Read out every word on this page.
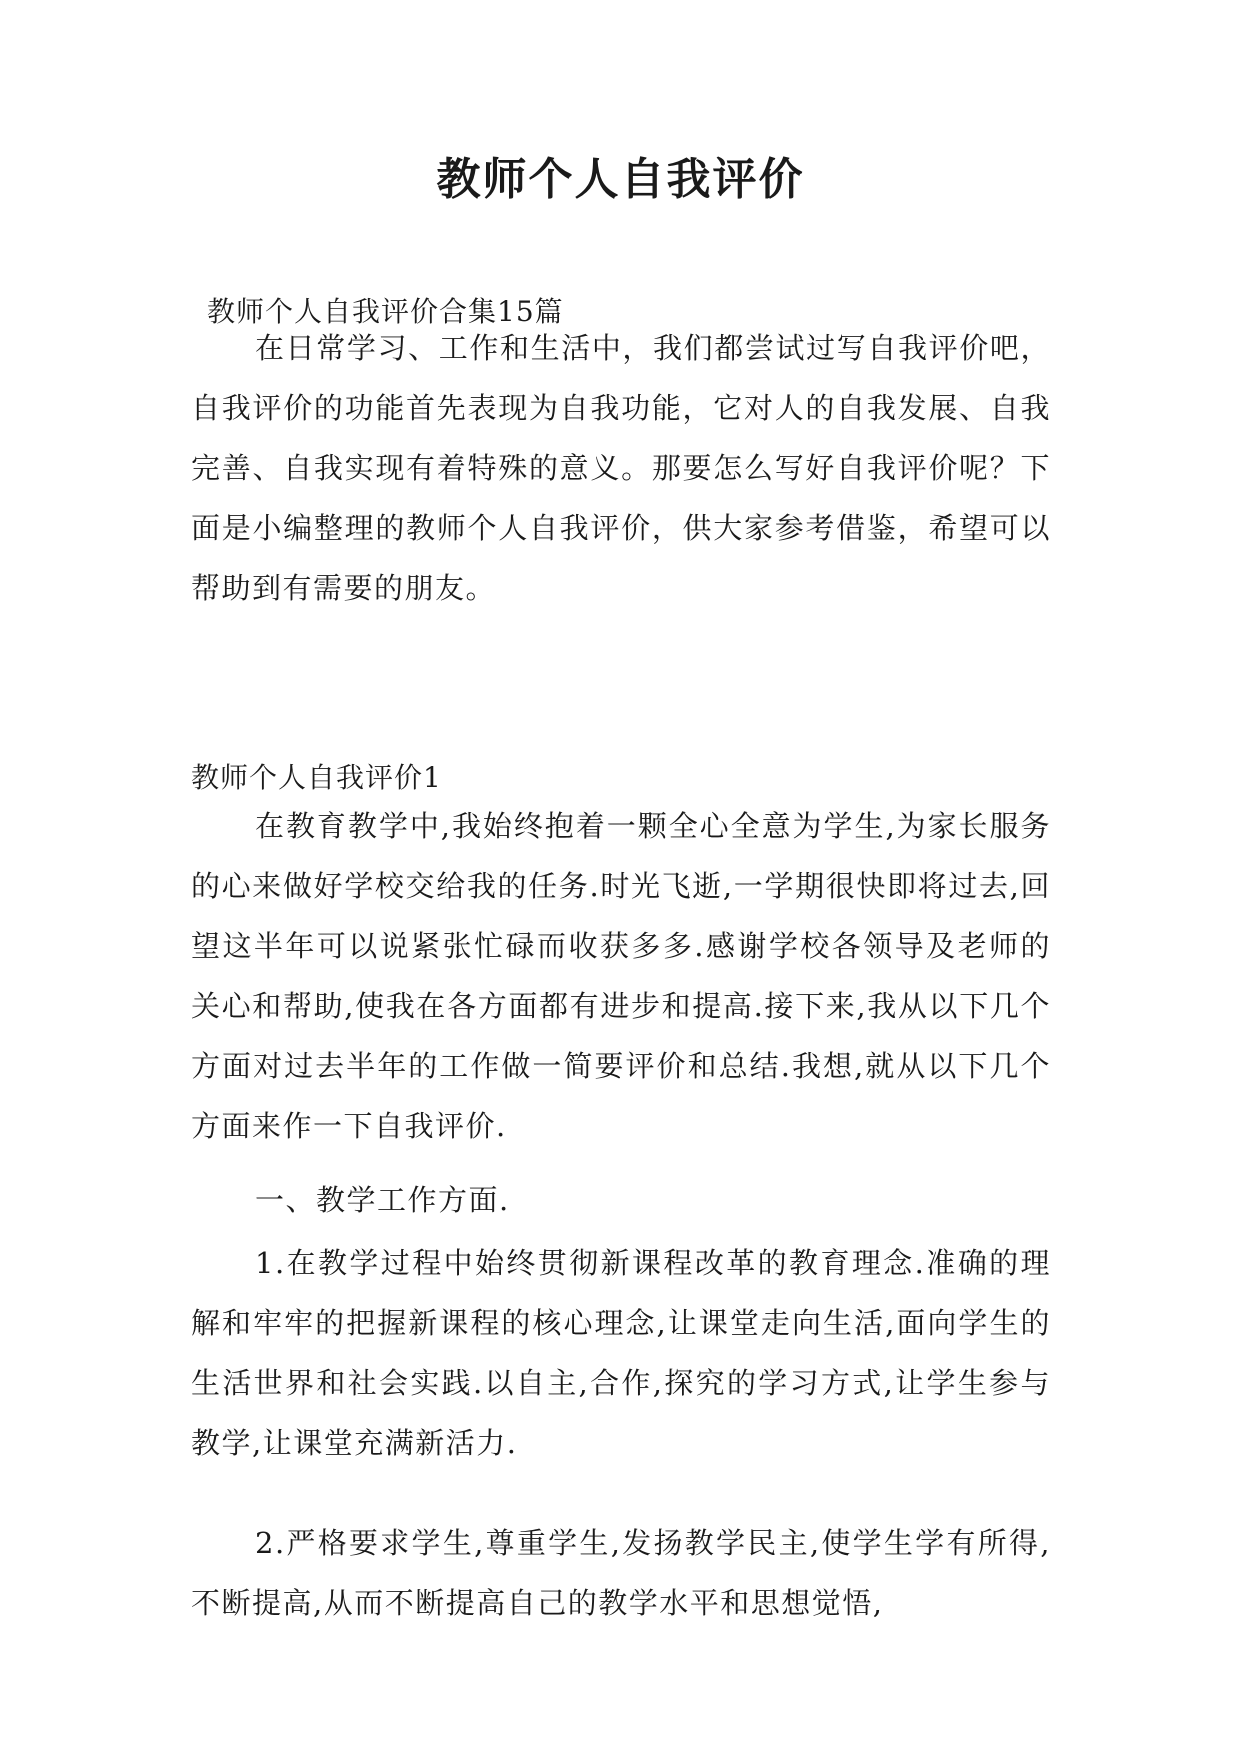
教师个人自我评价
教师个人自我评价合集15篇
在日常学习、工作和生活中，我们都尝试过写自我评价吧，自我评价的功能首先表现为自我功能，它对人的自我发展、自我完善、自我实现有着特殊的意义。那要怎么写好自我评价呢？下面是小编整理的教师个人自我评价，供大家参考借鉴，希望可以帮助到有需要的朋友。
教师个人自我评价1
在教育教学中,我始终抱着一颗全心全意为学生,为家长服务的心来做好学校交给我的任务.时光飞逝,一学期很快即将过去,回望这半年可以说紧张忙碌而收获多多.感谢学校各领导及老师的关心和帮助,使我在各方面都有进步和提高.接下来,我从以下几个方面对过去半年的工作做一简要评价和总结.我想,就从以下几个方面来作一下自我评价.
一、教学工作方面.
1.在教学过程中始终贯彻新课程改革的教育理念.准确的理解和牢牢的把握新课程的核心理念,让课堂走向生活,面向学生的生活世界和社会实践.以自主,合作,探究的学习方式,让学生参与教学,让课堂充满新活力.
2.严格要求学生,尊重学生,发扬教学民主,使学生学有所得,不断提高,从而不断提高自己的教学水平和思想觉悟,
